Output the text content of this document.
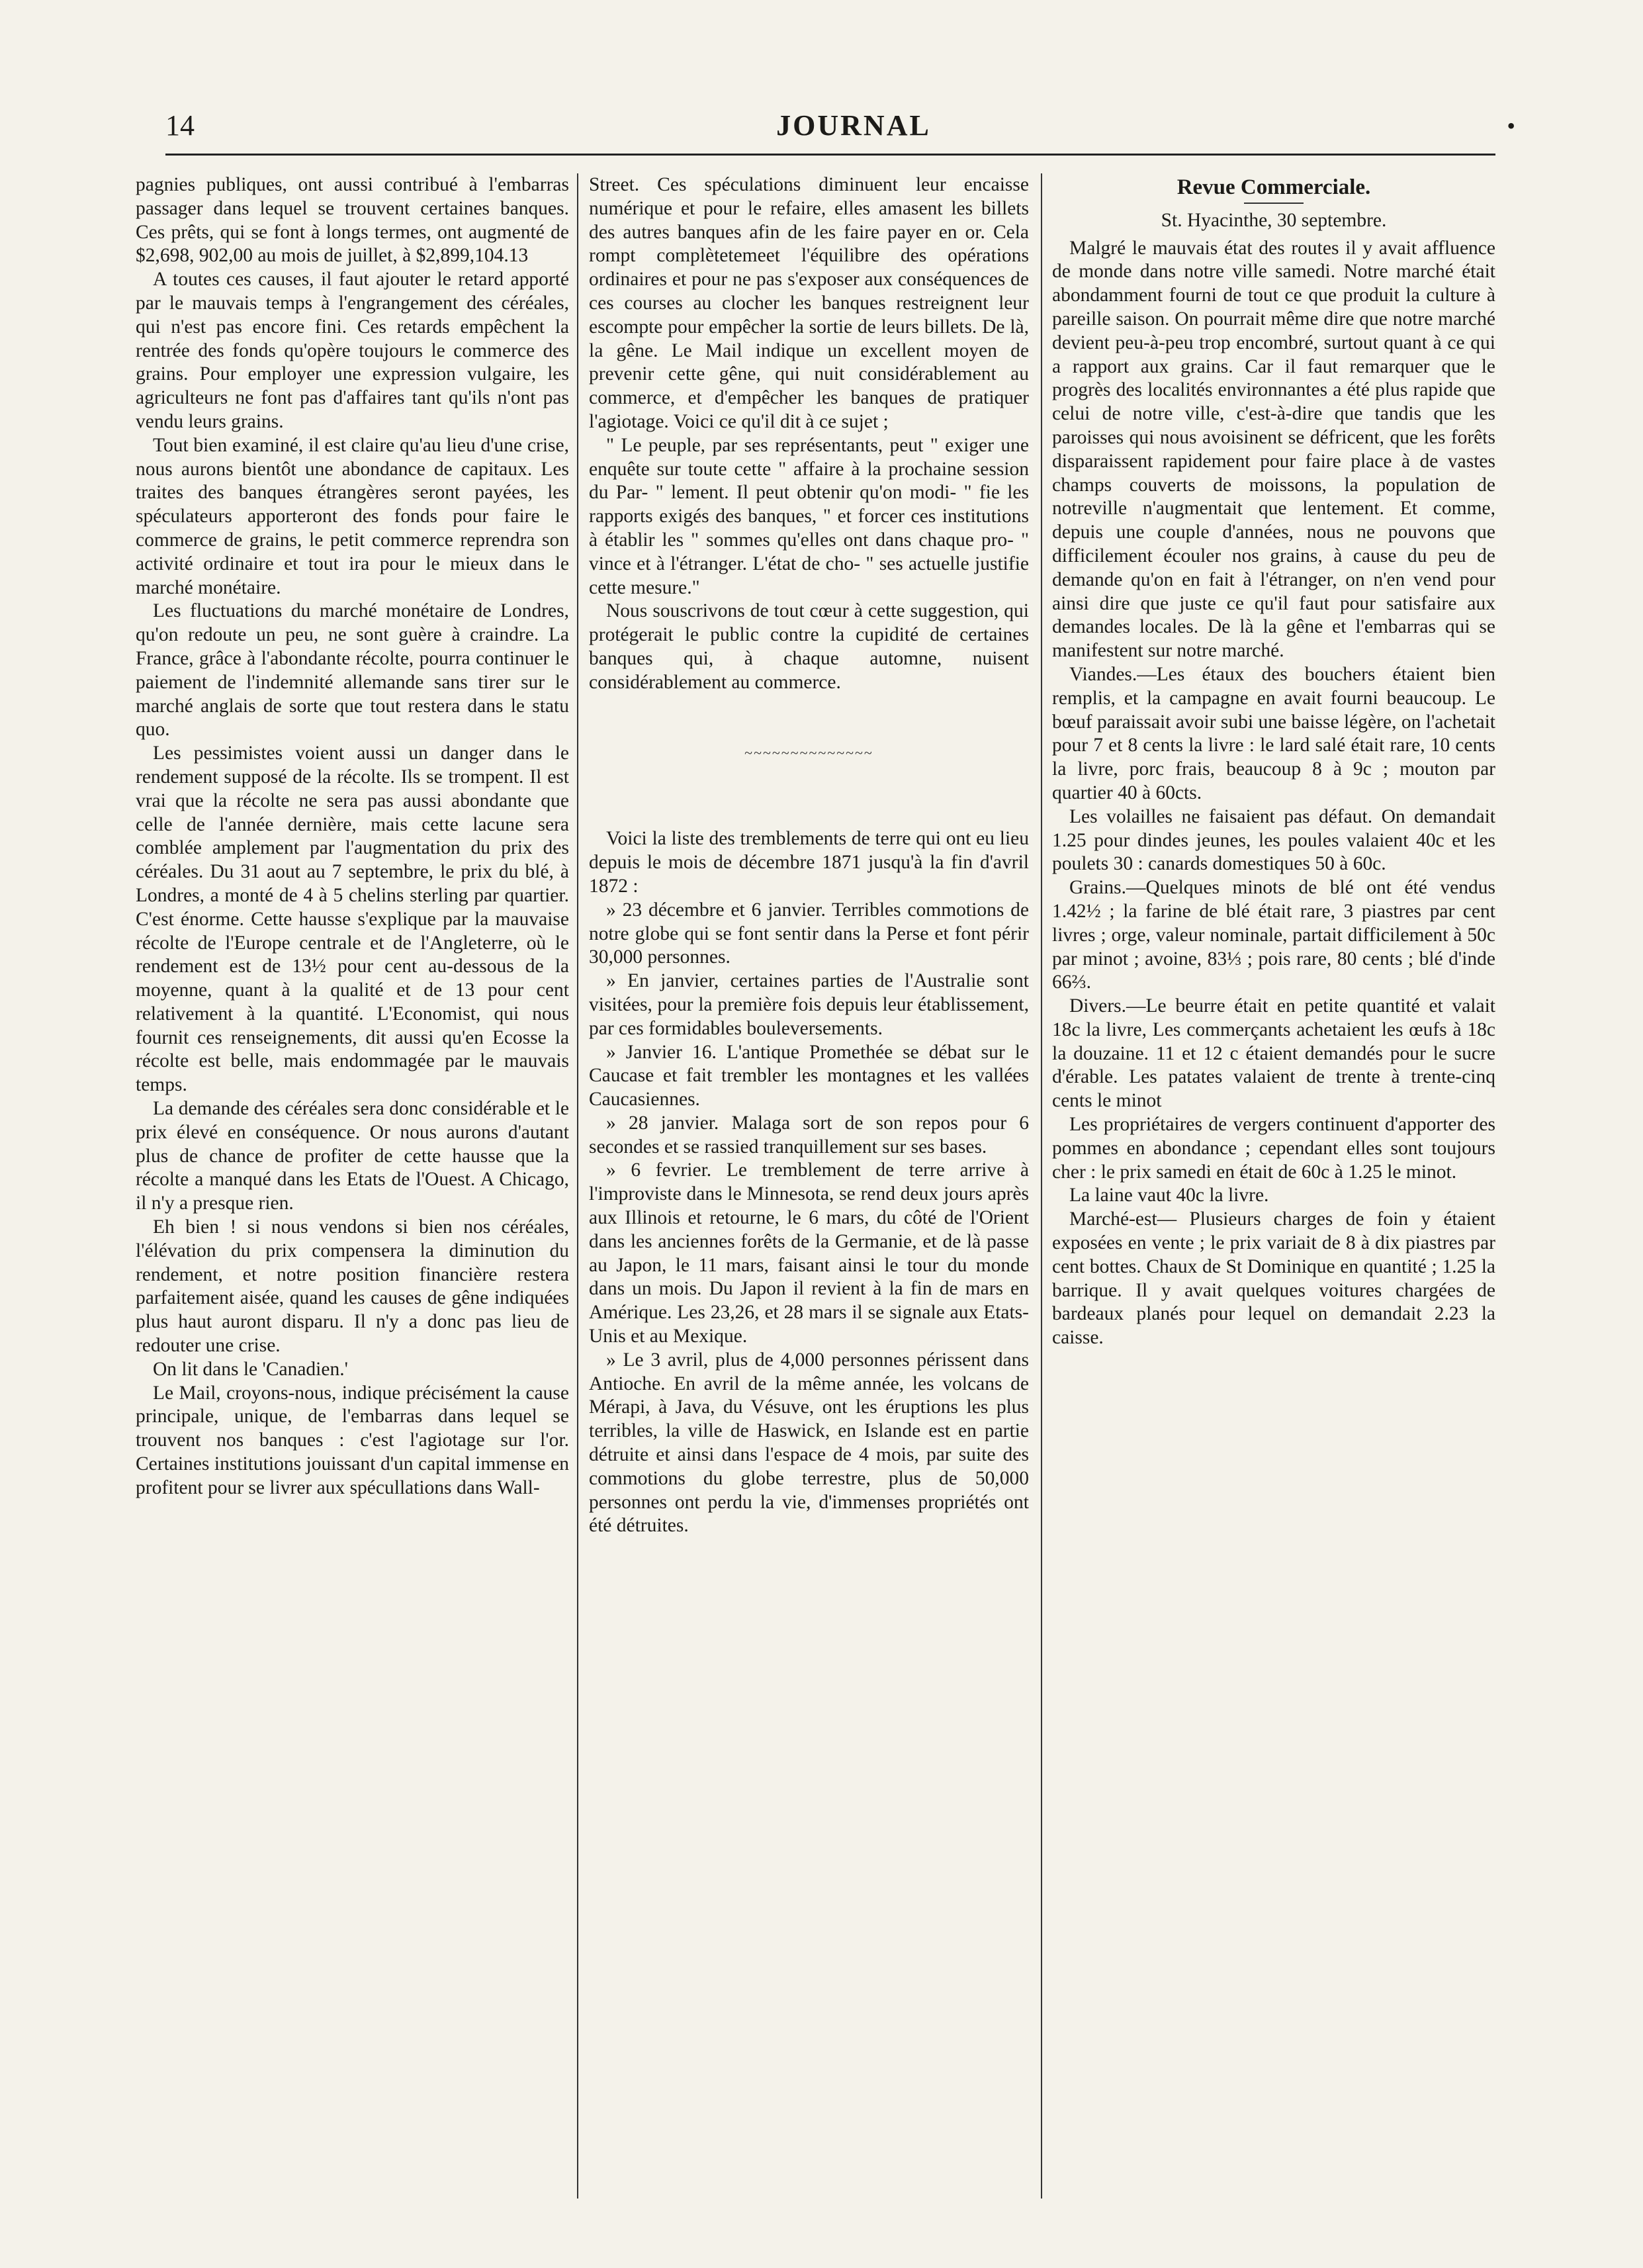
14	JOURNAL	•

pagnies publiques, ont aussi contribué à l'embarras passager dans lequel se trouvent certaines banques. Ces prêts, qui se font à longs termes, ont augmenté de $2,698, 902,00 au mois de juillet, à $2,899,104.13

A toutes ces causes, il faut ajouter le retard apporté par le mauvais temps à l'engrangement des céréales, qui n'est pas encore fini. Ces retards empêchent la rentrée des fonds qu'opère toujours le commerce des grains. Pour employer une expression vulgaire, les agriculteurs ne font pas d'affaires tant qu'ils n'ont pas vendu leurs grains.

Tout bien examiné, il est claire qu'au lieu d'une crise, nous aurons bientôt une abondance de capitaux. Les traites des banques étrangères seront payées, les spéculateurs apporteront des fonds pour faire le commerce de grains, le petit commerce reprendra son activité ordinaire et tout ira pour le mieux dans le marché monétaire.

Les fluctuations du marché monétaire de Londres, qu'on redoute un peu, ne sont guère à craindre. La France, grâce à l'abondante récolte, pourra continuer le paiement de l'indemnité allemande sans tirer sur le marché anglais de sorte que tout restera dans le statu quo.

Les pessimistes voient aussi un danger dans le rendement supposé de la récolte. Ils se trompent. Il est vrai que la récolte ne sera pas aussi abondante que celle de l'année dernière, mais cette lacune sera comblée amplement par l'augmentation du prix des céréales. Du 31 aout au 7 septembre, le prix du blé, à Londres, a monté de 4 à 5 chelins sterling par quartier. C'est énorme. Cette hausse s'explique par la mauvaise récolte de l'Europe centrale et de l'Angleterre, où le rendement est de 13½ pour cent au-dessous de la moyenne, quant à la qualité et de 13 pour cent relativement à la quantité. L'Economist, qui nous fournit ces renseignements, dit aussi qu'en Ecosse la récolte est belle, mais endommagée par le mauvais temps.

La demande des céréales sera donc considérable et le prix élevé en conséquence. Or nous aurons d'autant plus de chance de profiter de cette hausse que la récolte a manqué dans les Etats de l'Ouest. A Chicago, il n'y a presque rien.

Eh bien ! si nous vendons si bien nos céréales, l'élévation du prix compensera la diminution du rendement, et notre position financière restera parfaitement aisée, quand les causes de gêne indiquées plus haut auront disparu. Il n'y a donc pas lieu de redouter une crise.

On lit dans le 'Canadien.'

Le Mail, croyons-nous, indique précisément la cause principale, unique, de l'embarras dans lequel se trouvent nos banques : c'est l'agiotage sur l'or. Certaines institutions jouissant d'un capital immense en profitent pour se livrer aux spécullations dans Wall-

Street. Ces spéculations diminuent leur encaisse numérique et pour le refaire, elles amasent les billets des autres banques afin de les faire payer en or. Cela rompt complètetemeet l'équilibre des opérations ordinaires et pour ne pas s'exposer aux conséquences de ces courses au clocher les banques restreignent leur escompte pour empêcher la sortie de leurs billets. De là, la gêne. Le Mail indique un excellent moyen de prevenir cette gêne, qui nuit considérablement au commerce, et d'empêcher les banques de pratiquer l'agiotage. Voici ce qu'il dit à ce sujet ;

" Le peuple, par ses représentants, peut " exiger une enquête sur toute cette " affaire à la prochaine session du Par- " lement. Il peut obtenir qu'on modi- " fie les rapports exigés des banques, " et forcer ces institutions à établir les " sommes qu'elles ont dans chaque pro- " vince et à l'étranger. L'état de cho- " ses actuelle justifie cette mesure."

Nous souscrivons de tout cœur à cette suggestion, qui protégerait le public contre la cupidité de certaines banques qui, à chaque automne, nuisent considérablement au commerce.

~~~~~~~~~~~~~~

Voici la liste des tremblements de terre qui ont eu lieu depuis le mois de décembre 1871 jusqu'à la fin d'avril 1872 :

» 23 décembre et 6 janvier. Terribles commotions de notre globe qui se font sentir dans la Perse et font périr 30,000 personnes.

» En janvier, certaines parties de l'Australie sont visitées, pour la première fois depuis leur établissement, par ces formidables bouleversements.

» Janvier 16. L'antique Promethée se débat sur le Caucase et fait trembler les montagnes et les vallées Caucasiennes.

» 28 janvier. Malaga sort de son repos pour 6 secondes et se rassied tranquillement sur ses bases.

» 6 fevrier. Le tremblement de terre arrive à l'improviste dans le Minnesota, se rend deux jours après aux Illinois et retourne, le 6 mars, du côté de l'Orient dans les anciennes forêts de la Germanie, et de là passe au Japon, le 11 mars, faisant ainsi le tour du monde dans un mois. Du Japon il revient à la fin de mars en Amérique. Les 23,26, et 28 mars il se signale aux Etats-Unis et au Mexique.

» Le 3 avril, plus de 4,000 personnes périssent dans Antioche. En avril de la même année, les volcans de Mérapi, à Java, du Vésuve, ont les éruptions les plus terribles, la ville de Haswick, en Islande est en partie détruite et ainsi dans l'espace de 4 mois, par suite des commotions du globe terrestre, plus de 50,000 personnes ont perdu la vie, d'immenses propriétés ont été détruites.

Revue Commerciale.
St. Hyacinthe, 30 septembre.

Malgré le mauvais état des routes il y avait affluence de monde dans notre ville samedi. Notre marché était abondamment fourni de tout ce que produit la culture à pareille saison. On pourrait même dire que notre marché devient peu-à-peu trop encombré, surtout quant à ce qui a rapport aux grains. Car il faut remarquer que le progrès des localités environnantes a été plus rapide que celui de notre ville, c'est-à-dire que tandis que les paroisses qui nous avoisinent se défricent, que les forêts disparaissent rapidement pour faire place à de vastes champs couverts de moissons, la population de notreville n'augmentait que lentement. Et comme, depuis une couple d'années, nous ne pouvons que difficilement écouler nos grains, à cause du peu de demande qu'on en fait à l'étranger, on n'en vend pour ainsi dire que juste ce qu'il faut pour satisfaire aux demandes locales. De là la gêne et l'embarras qui se manifestent sur notre marché.

Viandes.—Les étaux des bouchers étaient bien remplis, et la campagne en avait fourni beaucoup. Le bœuf paraissait avoir subi une baisse légère, on l'achetait pour 7 et 8 cents la livre : le lard salé était rare, 10 cents la livre, porc frais, beaucoup 8 à 9c ; mouton par quartier 40 à 60cts.

Les volailles ne faisaient pas défaut. On demandait 1.25 pour dindes jeunes, les poules valaient 40c et les poulets 30 : canards domestiques 50 à 60c.

Grains.—Quelques minots de blé ont été vendus 1.42½ ; la farine de blé était rare, 3 piastres par cent livres ; orge, valeur nominale, partait difficilement à 50c par minot ; avoine, 83⅓ ; pois rare, 80 cents ; blé d'inde 66⅔.

Divers.—Le beurre était en petite quantité et valait 18c la livre, Les commerçants achetaient les œufs à 18c la douzaine. 11 et 12 c étaient demandés pour le sucre d'érable. Les patates valaient de trente à trente-cinq cents le minot

Les propriétaires de vergers continuent d'apporter des pommes en abondance ; cependant elles sont toujours cher : le prix samedi en était de 60c à 1.25 le minot.

La laine vaut 40c la livre.

Marché-est— Plusieurs charges de foin y étaient exposées en vente ; le prix variait de 8 à dix piastres par cent bottes. Chaux de St Dominique en quantité ; 1.25 la barrique. Il y avait quelques voitures chargées de bardeaux planés pour lequel on demandait 2.23 la caisse.
